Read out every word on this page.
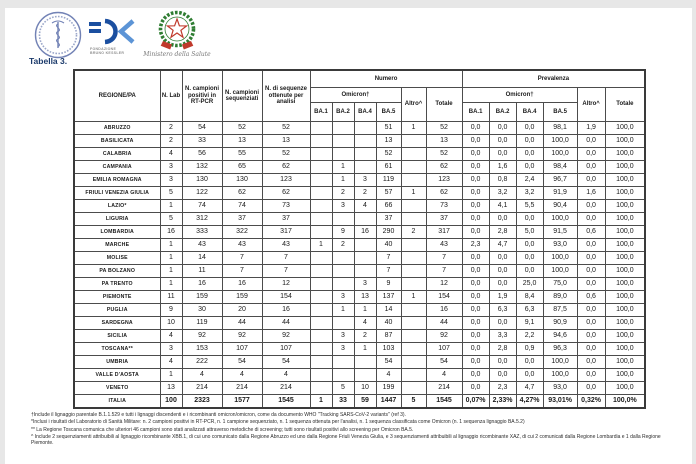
FONDAZIONE
BRUNO KESSLER	Ministero della Salute
Tabella 3.
REGIONE/PA	N. Lab	N. campioni positivi in RT-PCR	N. campioni sequenziati	N. di sequenze ottenute per analisi	Numero						Prevalenza					
					Omicron†				Altro^	Totale	Omicron†				Altro^	Totale
					BA.1	BA.2	BA.4	BA.5			BA.1	BA.2	BA.4	BA.5		
ABRUZZO	2	54	52	52				51	1	52	0,0	0,0	0,0	98,1	1,9	100,0
BASILICATA	2	33	13	13				13		13	0,0	0,0	0,0	100,0	0,0	100,0
CALABRIA	4	56	55	52				52		52	0,0	0,0	0,0	100,0	0,0	100,0
CAMPANIA	3	132	65	62		1		61		62	0,0	1,6	0,0	98,4	0,0	100,0
EMILIA ROMAGNA	3	130	130	123		1	3	119		123	0,0	0,8	2,4	96,7	0,0	100,0
FRIULI VENEZIA GIULIA	5	122	62	62		2	2	57	1	62	0,0	3,2	3,2	91,9	1,6	100,0
LAZIO*	1	74	74	73		3	4	66		73	0,0	4,1	5,5	90,4	0,0	100,0
LIGURIA	5	312	37	37				37		37	0,0	0,0	0,0	100,0	0,0	100,0
LOMBARDIA	16	333	322	317		9	16	290	2	317	0,0	2,8	5,0	91,5	0,6	100,0
MARCHE	1	43	43	43	1	2		40		43	2,3	4,7	0,0	93,0	0,0	100,0
MOLISE	1	14	7	7				7		7	0,0	0,0	0,0	100,0	0,0	100,0
PA BOLZANO	1	11	7	7				7		7	0,0	0,0	0,0	100,0	0,0	100,0
PA TRENTO	1	16	16	12			3	9		12	0,0	0,0	25,0	75,0	0,0	100,0
PIEMONTE	11	159	159	154		3	13	137	1	154	0,0	1,9	8,4	89,0	0,6	100,0
PUGLIA	9	30	20	16		1	1	14		16	0,0	6,3	6,3	87,5	0,0	100,0
SARDEGNA	10	119	44	44			4	40		44	0,0	0,0	9,1	90,9	0,0	100,0
SICILIA	4	92	92	92		3	2	87		92	0,0	3,3	2,2	94,6	0,0	100,0
TOSCANA**	3	153	107	107		3	1	103		107	0,0	2,8	0,9	96,3	0,0	100,0
UMBRIA	4	222	54	54				54		54	0,0	0,0	0,0	100,0	0,0	100,0
VALLE D'AOSTA	1	4	4	4				4		4	0,0	0,0	0,0	100,0	0,0	100,0
VENETO	13	214	214	214		5	10	199		214	0,0	2,3	4,7	93,0	0,0	100,0
ITALIA	100	2323	1577	1545	1	33	59	1447	5	1545	0,07%	2,33%	4,27%	93,01%	0,32%	100,0%

†Include il lignaggio parentale B.1.1.529 e tutti i lignaggi discendenti e i ricombinanti omicron/omicron, come da documento WHO "Tracking SARS-CoV-2 variants" (ref 3).

*Inclusi i risultati del Laboratorio di Sanità Militare: n. 2 campioni positivi in RT-PCR, n. 1 campione sequenziato, n. 1 sequenza ottenuta per l'analisi, n. 1 sequenza classificata come Omicron (n. 1 sequenza lignaggio BA.5.2)

** La Regione Toscana comunica che ulteriori 46 campioni sono stati analizzati attraverso metodiche di screening; tutti sono risultati positivi allo screening per Omicron BA.5.

^ Include 2 sequenziamenti attribuibili al lignaggio ricombinante XBB.1, di cui uno comunicato dalla Regione Abruzzo ed uno dalla Regione Friuli Venezia Giulia, e 3 sequenziamenti attribuibili al lignaggio ricombinante XAZ, di cui 2 comunicati dalla Regione Lombardia e 1 dalla Regione Piemonte.
